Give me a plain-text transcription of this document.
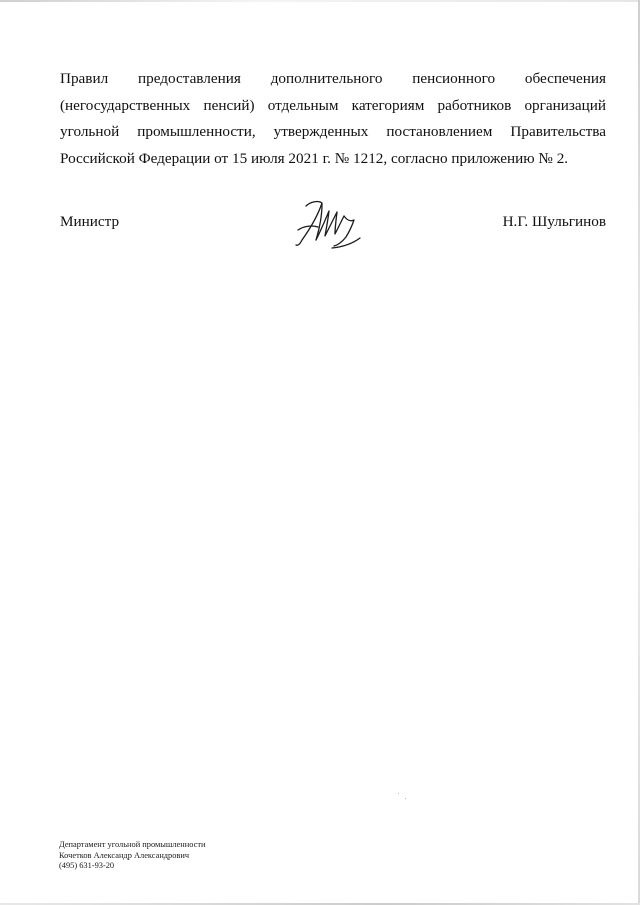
Правил предоставления дополнительного пенсионного обеспечения (негосударственных пенсий) отдельным категориям работников организаций угольной промышленности, утвержденных постановлением Правительства Российской Федерации от 15 июля 2021 г. № 1212, согласно приложению № 2.

Министр	Н.Г. Шульгинов
Департамент угольной промышленности
Кочетков Александр Александрович
(495) 631-93-20
